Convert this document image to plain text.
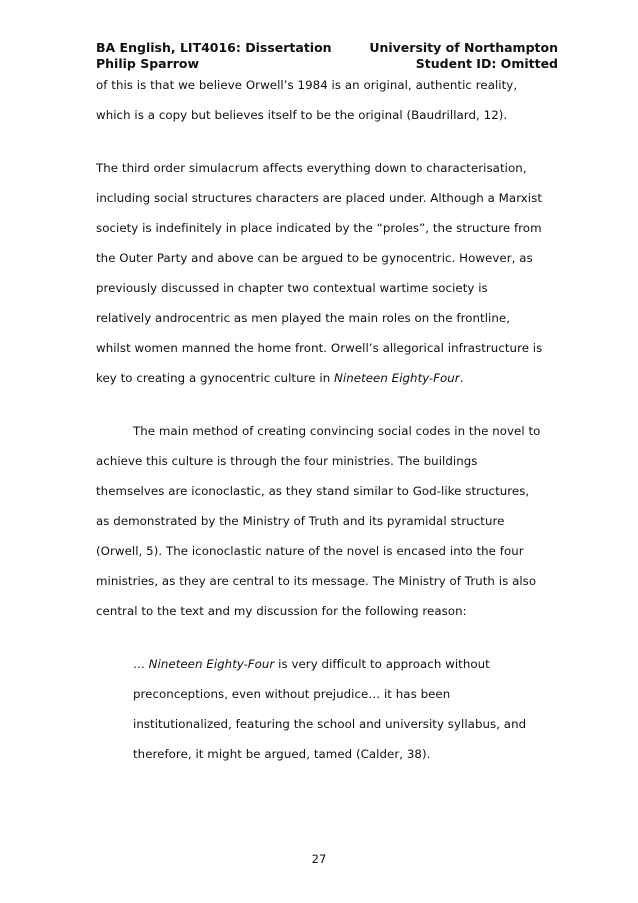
BA English, LIT4016: Dissertation	University of Northampton
Philip Sparrow	Student ID: Omitted
of this is that we believe Orwell’s 1984 is an original, authentic reality,
which is a copy but believes itself to be the original (Baudrillard, 12).
The third order simulacrum affects everything down to characterisation,
including social structures characters are placed under. Although a Marxist
society is indefinitely in place indicated by the “proles”, the structure from
the Outer Party and above can be argued to be gynocentric. However, as
previously discussed in chapter two contextual wartime society is
relatively androcentric as men played the main roles on the frontline,
whilst women manned the home front. Orwell’s allegorical infrastructure is
key to creating a gynocentric culture in Nineteen Eighty-Four.
The main method of creating convincing social codes in the novel to
achieve this culture is through the four ministries. The buildings
themselves are iconoclastic, as they stand similar to God-like structures,
as demonstrated by the Ministry of Truth and its pyramidal structure
(Orwell, 5). The iconoclastic nature of the novel is encased into the four
ministries, as they are central to its message. The Ministry of Truth is also
central to the text and my discussion for the following reason:
… Nineteen Eighty-Four is very difficult to approach without
preconceptions, even without prejudice… it has been
institutionalized, featuring the school and university syllabus, and
therefore, it might be argued, tamed (Calder, 38).
27
